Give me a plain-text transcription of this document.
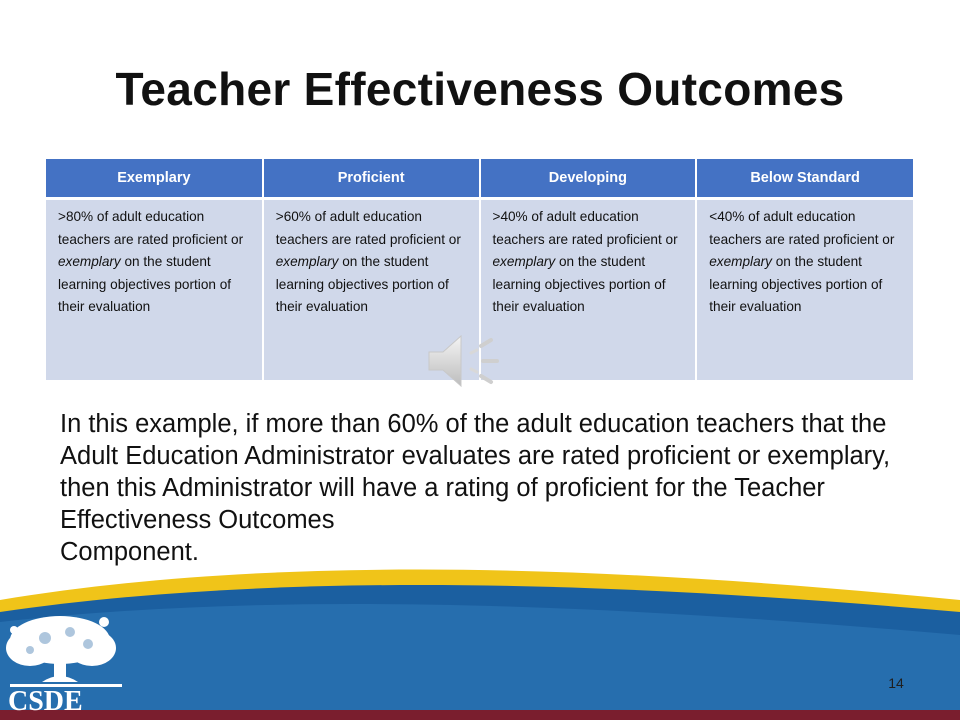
Teacher Effectiveness Outcomes
Exemplary	Proficient	Developing	Below Standard
>80% of adult education teachers are rated proficient or exemplary on the student learning objectives portion of their evaluation	>60% of adult education teachers are rated proficient or exemplary on the student learning objectives portion of their evaluation	>40% of adult education teachers are rated proficient or exemplary on the student learning objectives portion of their evaluation	<40% of adult education teachers are rated proficient or exemplary on the student learning objectives portion of their evaluation
CSDE

In this example, if more than 60% of the adult education teachers that the Adult Education Administrator evaluates are rated proficient or exemplary, then this Administrator will have a rating of proficient for the Teacher Effectiveness Outcomes

Component.

14
